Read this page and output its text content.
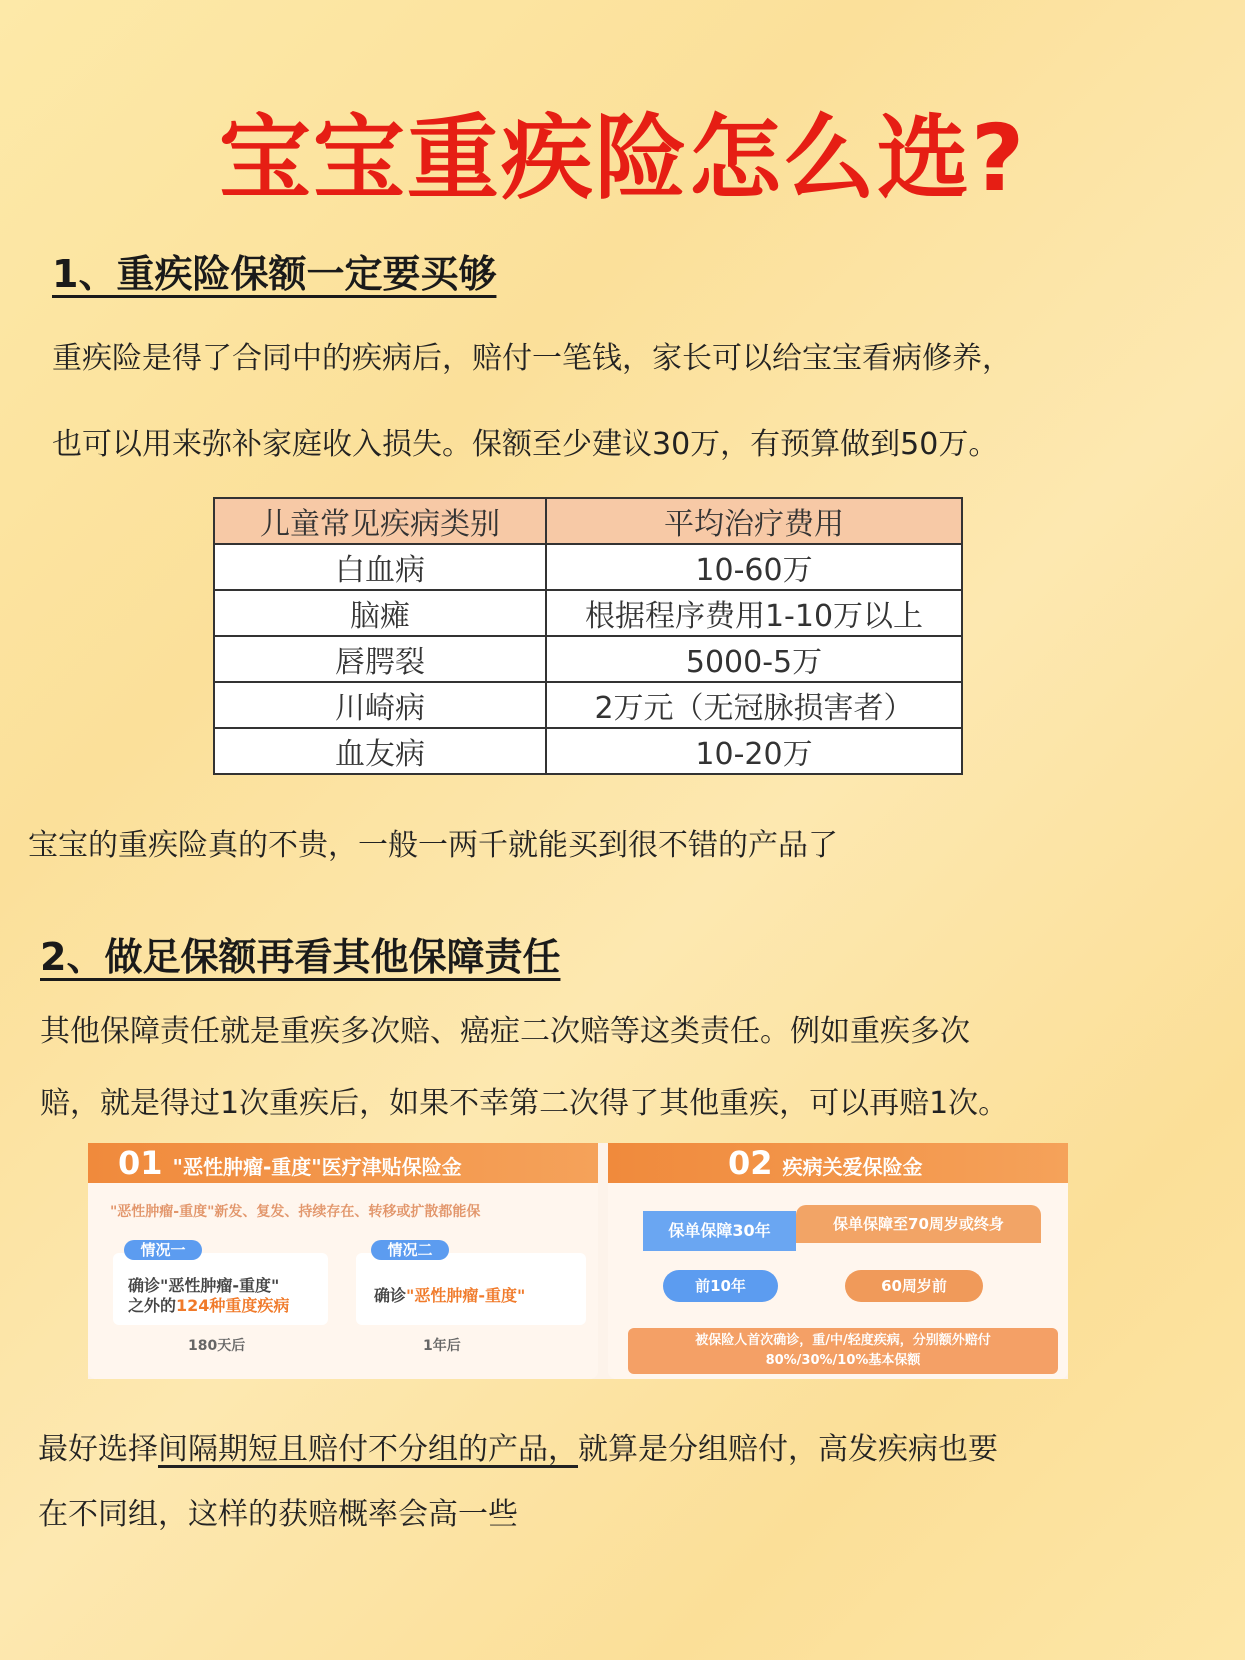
宝宝重疾险怎么选?
1、重疾险保额一定要买够
重疾险是得了合同中的疾病后，赔付一笔钱，家长可以给宝宝看病修养，
也可以用来弥补家庭收入损失。保额至少建议30万，有预算做到50万。
儿童常见疾病类别	平均治疗费用
白血病	10-60万
脑瘫	根据程序费用1-10万以上
唇腭裂	5000-5万
川崎病	2万元（无冠脉损害者）
血友病	10-20万
宝宝的重疾险真的不贵，一般一两千就能买到很不错的产品了
2、做足保额再看其他保障责任
其他保障责任就是重疾多次赔、癌症二次赔等这类责任。例如重疾多次
赔，就是得过1次重疾后，如果不幸第二次得了其他重疾，可以再赔1次。
01 "恶性肿瘤-重度"医疗津贴保险金
"恶性肿瘤-重度"新发、复发、持续存在、转移或扩散都能保
情况一
确诊"恶性肿瘤-重度"
之外的124种重度疾病
180天后
情况二
确诊"恶性肿瘤-重度"
1年后
02 疾病关爱保险金
保单保障30年	保单保障至70周岁或终身
前10年	60周岁前
被保险人首次确诊，重/中/轻度疾病，分别额外赔付
80%/30%/10%基本保额
最好选择间隔期短且赔付不分组的产品，就算是分组赔付，高发疾病也要
在不同组，这样的获赔概率会高一些
